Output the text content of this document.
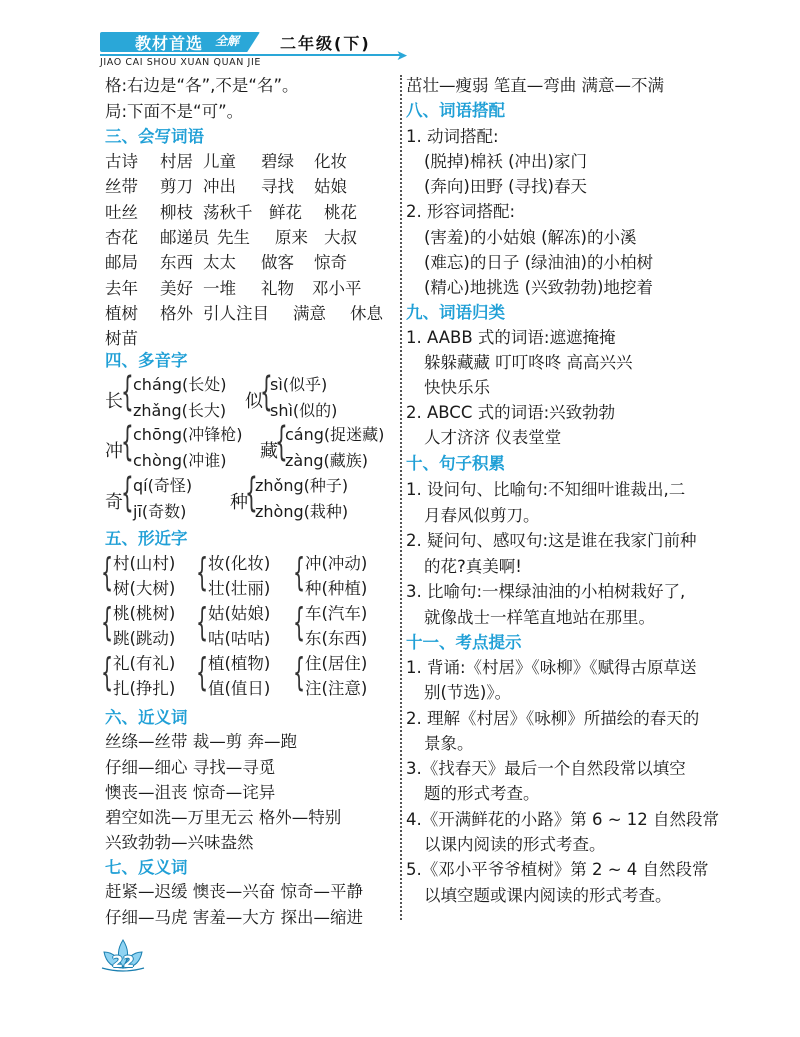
教材首选 全解	二年级(下)
➤
JIAO CAI SHOU XUAN QUAN JIE
格:右边是“各”,不是“名”。
局:下面不是“可”。
三、会写词语
古诗 村居 儿童 碧绿 化妆
丝带 剪刀 冲出 寻找 姑娘
吐丝 柳枝 荡秋千 鲜花 桃花
杏花 邮递员 先生 原来 大叔
邮局 东西 太太 做客 惊奇
去年 美好 一堆 礼物 邓小平
植树 格外 引人注目 满意 休息
树苗
四、多音字
长
{ cháng(长处)
zhǎng(长大) 似
{
sì(似乎)
shì(似的)
冲
{ chōng(冲锋枪)
chòng(冲谁) 藏
{
cáng(捉迷藏)
zàng(藏族)
奇
{ qí(奇怪)
jī(奇数) 种
{
zhǒng(种子)
zhòng(栽种)
五、形近字
{ 村(山村)
树(大树) { 妆(化妆)
壮(壮丽) { 冲(冲动)
种(种植)
{ 桃(桃树)
跳(跳动) { 姑(姑娘)
咕(咕咕) { 车(汽车)
东(东西)
{ 礼(有礼)
扎(挣扎) { 植(植物)
值(值日) { 住(居住)
注(注意)
六、近义词
丝绦—丝带 裁—剪 奔—跑
仔细—细心 寻找—寻觅
懊丧—沮丧 惊奇—诧异
碧空如洗—万里无云 格外—特别
兴致勃勃—兴味盎然
七、反义词
赶紧—迟缓 懊丧—兴奋 惊奇—平静
仔细—马虎 害羞—大方 探出—缩进
茁壮—瘦弱 笔直—弯曲 满意—不满
八、词语搭配
1. 动词搭配:
(脱掉)棉袄 (冲出)家门
(奔向)田野 (寻找)春天
2. 形容词搭配:
(害羞)的小姑娘 (解冻)的小溪
(难忘)的日子 (绿油油)的小柏树
(精心)地挑选 (兴致勃勃)地挖着
九、词语归类
1. AABB 式的词语:遮遮掩掩
躲躲藏藏 叮叮咚咚 高高兴兴
快快乐乐
2. ABCC 式的词语:兴致勃勃
人才济济 仪表堂堂
十、句子积累
1. 设问句、比喻句:不知细叶谁裁出,二
月春风似剪刀。
2. 疑问句、感叹句:这是谁在我家门前种
的花?真美啊!
3. 比喻句:一棵绿油油的小柏树栽好了,
就像战士一样笔直地站在那里。
十一、考点提示
1. 背诵:《村居》《咏柳》《赋得古原草送
别(节选)》。
2. 理解《村居》《咏柳》所描绘的春天的
景象。
3.《找春天》最后一个自然段常以填空
题的形式考查。
4.《开满鲜花的小路》第 6 ~ 12 自然段常
以课内阅读的形式考查。
5.《邓小平爷爷植树》第 2 ~ 4 自然段常
以填空题或课内阅读的形式考查。
22
